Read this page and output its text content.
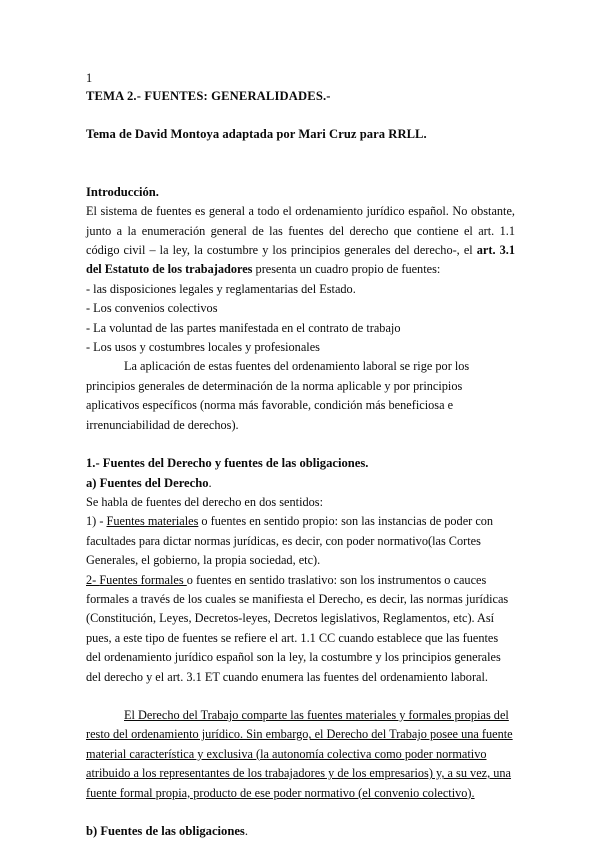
1
TEMA 2.- FUENTES: GENERALIDADES.-
Tema de David Montoya adaptada por Mari Cruz para RRLL.
Introducción.

El sistema de fuentes es general a todo el ordenamiento jurídico español. No obstante, junto a la enumeración general de las fuentes del derecho que contiene el art. 1.1 código civil – la ley, la costumbre y los principios generales del derecho-, el art. 3.1 del Estatuto de los trabajadores presenta un cuadro propio de fuentes:

- las disposiciones legales y reglamentarias del Estado.

- Los convenios colectivos

- La voluntad de las partes manifestada en el contrato de trabajo

- Los usos y costumbres locales y profesionales

La aplicación de estas fuentes del ordenamiento laboral se rige por los principios generales de determinación de la norma aplicable y por principios aplicativos específicos (norma más favorable, condición más beneficiosa e irrenunciabilidad de derechos).

1.- Fuentes del Derecho y fuentes de las obligaciones.
a) Fuentes del Derecho.

Se habla de fuentes del derecho en dos sentidos:

1) - Fuentes materiales o fuentes en sentido propio: son las instancias de poder con facultades para dictar normas jurídicas, es decir, con poder normativo(las Cortes Generales, el gobierno, la propia sociedad, etc).

2- Fuentes formales o fuentes en sentido traslativo: son los instrumentos o cauces formales a través de los cuales se manifiesta el Derecho, es decir, las normas jurídicas (Constitución, Leyes, Decretos-leyes, Decretos legislativos, Reglamentos, etc). Así pues, a este tipo de fuentes se refiere el art. 1.1 CC cuando establece que las fuentes del ordenamiento jurídico español son la ley, la costumbre y los principios generales del derecho y el art. 3.1 ET cuando enumera las fuentes del ordenamiento laboral.

El Derecho del Trabajo comparte las fuentes materiales y formales propias del resto del ordenamiento jurídico. Sin embargo, el Derecho del Trabajo posee una fuente material característica y exclusiva (la autonomía colectiva como poder normativo atribuido a los representantes de los trabajadores y de los empresarios) y, a su vez, una fuente formal propia, producto de ese poder normativo (el convenio colectivo).

b) Fuentes de las obligaciones.
